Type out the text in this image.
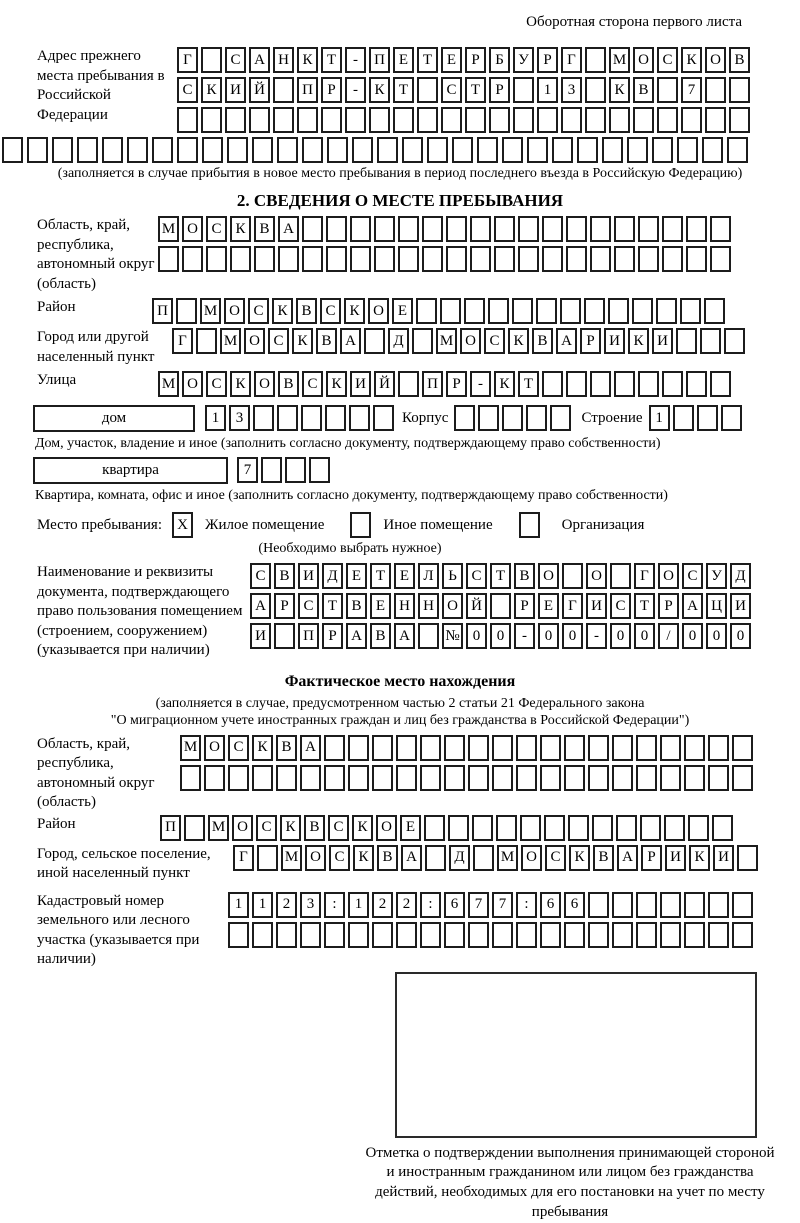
Оборотная сторона первого листа
Адрес прежнего места пребывания в Российской Федерации
Г	С А Н К Т	-	П Е Т Е	Р	Б У Р	Г	М О С К О В
С К И Й	П Р	-	К Т	С Т	Р	1	3	К В	7
(заполняется в случае прибытия в новое место пребывания в период последнего въезда в Российскую Федерацию)
2. СВЕДЕНИЯ О МЕСТЕ ПРЕБЫВАНИЯ
Область, край, республика, автономный округ (область)
М О С К В А
Район	П	М О С К В С К О Е
Город или другой населенный пункт
Г	М О С К В А	Д	М О С К В А Р И К И
Улица	М О С К О В С К И Й	П Р	-	К Т
дом	1	3	Корпус	Строение 1
Дом, участок, владение и иное (заполнить согласно документу, подтверждающему право собственности)
квартира	7
Квартира, комната, офис и иное (заполнить согласно документу, подтверждающему право собственности)
Место пребывания:	X	Жилое помещение	Иное помещение	Организация
(Необходимо выбрать нужное)
Наименование и реквизиты документа, подтверждающего право пользования помещением (строением, сооружением) (указывается при наличии)
С В И Д Е Т Е Л Ь С Т В О	О	Г О С У Д
А Р С Т В Е Н Н О Й	Р	Е	Г И С Т	Р А Ц И
И	П Р А В А	№ 0	0	-	0	0	-	0	0	/	0	0	0
Фактическое место нахождения
(заполняется в случае, предусмотренном частью 2 статьи 21 Федерального закона
"О миграционном учете иностранных граждан и лиц без гражданства в Российской Федерации")
Область, край, республика, автономный округ (область)
М О С К В А
Район	П	М О С К В С К О Е
Город, сельское поселение, иной населенный пункт
Г	М О С К В А	Д	М О С К В А Р И К И
Кадастровый номер земельного или лесного участка (указывается при наличии)
1	1	2	3	:	1	2	2	:	6	7	7	:	6	6
Отметка о подтверждении выполнения принимающей стороной и иностранным гражданином или лицом без гражданства действий, необходимых для его постановки на учет по месту пребывания
